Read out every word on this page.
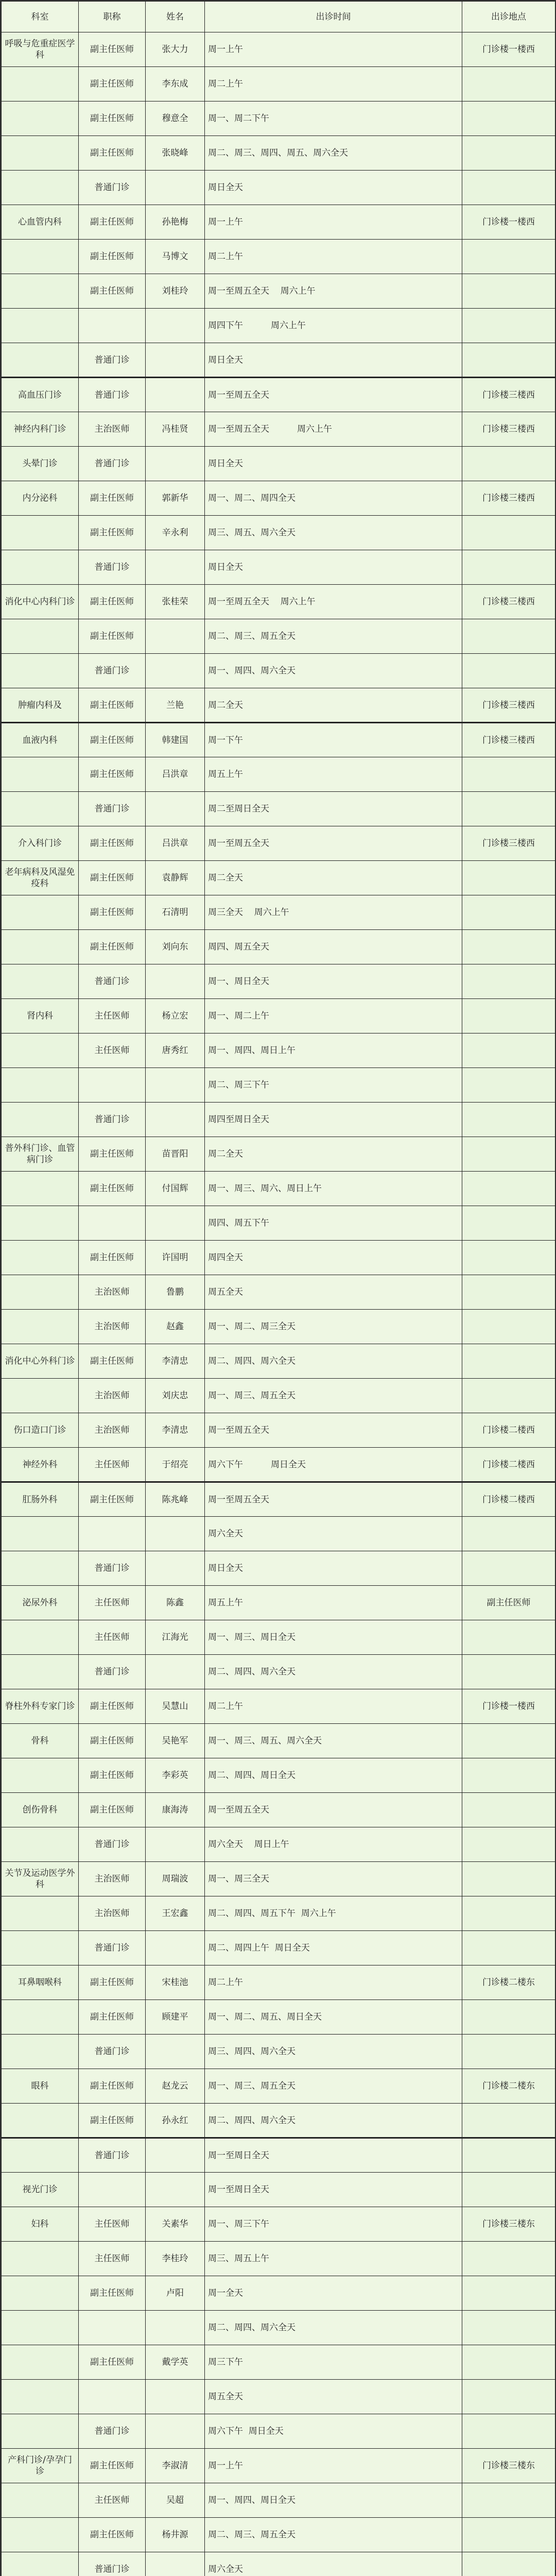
科室	职称	姓名	出诊时间	出诊地点
呼吸与危重症医学科	副主任医师	张大力	周一上午	门诊楼一楼西
	副主任医师	李东成	周二上午	
	副主任医师	穆意全	周一、周二下午	
	副主任医师	张晓峰	周二、周三、周四、周五、周六全天	
	普通门诊		周日全天	
心血管内科	副主任医师	孙艳梅	周一上午	门诊楼一楼西
	副主任医师	马博文	周二上午	
	副主任医师	刘桂玲	周一至周五全天    周六上午	
			周四下午          周六上午	
	普通门诊		周日全天	
高血压门诊	普通门诊		周一至周五全天	门诊楼三楼西
神经内科门诊	主治医师	冯桂贤	周一至周五全天          周六上午	门诊楼三楼西
头晕门诊	普通门诊		周日全天	
内分泌科	副主任医师	郭新华	周一、周二、周四全天	门诊楼三楼西
	副主任医师	辛永利	周三、周五、周六全天	
	普通门诊		周日全天	
消化中心内科门诊	副主任医师	张桂荣	周一至周五全天    周六上午	门诊楼三楼西
	副主任医师		周二、周三、周五全天	
	普通门诊		周一、周四、周六全天	
肿瘤内科及	副主任医师	兰艳	周二全天	门诊楼三楼西
血液内科	副主任医师	韩建国	周一下午	门诊楼三楼西
	副主任医师	吕洪章	周五上午	
	普通门诊		周二至周日全天	
介入科门诊	副主任医师	吕洪章	周一至周五全天	门诊楼三楼西
老年病科及风湿免疫科	副主任医师	袁静辉	周二全天	
	副主任医师	石清明	周三全天    周六上午	
	副主任医师	刘向东	周四、周五全天	
	普通门诊		周一、周日全天	
肾内科	主任医师	杨立宏	周一、周二上午	
	主任医师	唐秀红	周一、周四、周日上午	
			周二、周三下午	
	普通门诊		周四至周日全天	
普外科门诊、血管病门诊	副主任医师	苗晋阳	周二全天	
	副主任医师	付国辉	周一、周三、周六、周日上午	
			周四、周五下午	
	副主任医师	许国明	周四全天	
	主治医师	鲁鹏	周五全天	
	主治医师	赵鑫	周一、周二、周三全天	
消化中心外科门诊	副主任医师	李清忠	周二、周四、周六全天	
	主治医师	刘庆忠	周一、周三、周五全天	
伤口造口门诊	主治医师	李清忠	周一至周五全天	门诊楼二楼西
神经外科	主任医师	于绍亮	周六下午          周日全天	门诊楼二楼西
肛肠外科	副主任医师	陈兆峰	周一至周五全天	门诊楼二楼西
			周六全天	
	普通门诊		周日全天	
泌尿外科	主任医师	陈鑫	周五上午	副主任医师
	主任医师	江海光	周一、周三、周日全天	
	普通门诊		周二、周四、周六全天	
脊柱外科专家门诊	副主任医师	吴慧山	周二上午	门诊楼一楼西
骨科	副主任医师	吴艳军	周一、周三、周五、周六全天	
	副主任医师	李彩英	周二、周四、周日全天	
创伤骨科	副主任医师	康海涛	周一至周五全天	
	普通门诊		周六全天    周日上午	
关节及运动医学外科	主治医师	周瑞波	周一、周三全天	
	主治医师	王宏鑫	周二、周四、周五下午  周六上午	
	普通门诊		周二、周四上午  周日全天	
耳鼻咽喉科	副主任医师	宋桂池	周二上午	门诊楼二楼东
	副主任医师	顾建平	周一、周二、周五、周日全天	
	普通门诊		周三、周四、周六全天	
眼科	副主任医师	赵龙云	周一、周三、周五全天	门诊楼二楼东
	副主任医师	孙永红	周二、周四、周六全天	
	普通门诊		周一至周日全天	
视光门诊			周一至周日全天	
妇科	主任医师	关素华	周一、周三下午	门诊楼三楼东
	主任医师	李桂玲	周三、周五上午	
	副主任医师	卢阳	周一全天	
			周二、周四、周六全天	
	副主任医师	戴学英	周三下午	
			周五全天	
	普通门诊		周六下午  周日全天	
产科门诊/孕孕门诊	副主任医师	李淑清	周一上午	门诊楼三楼东
	主任医师	吴超	周一、周四、周日全天	
	副主任医师	杨井源	周二、周三、周五全天	
	普通门诊		周六全天	
